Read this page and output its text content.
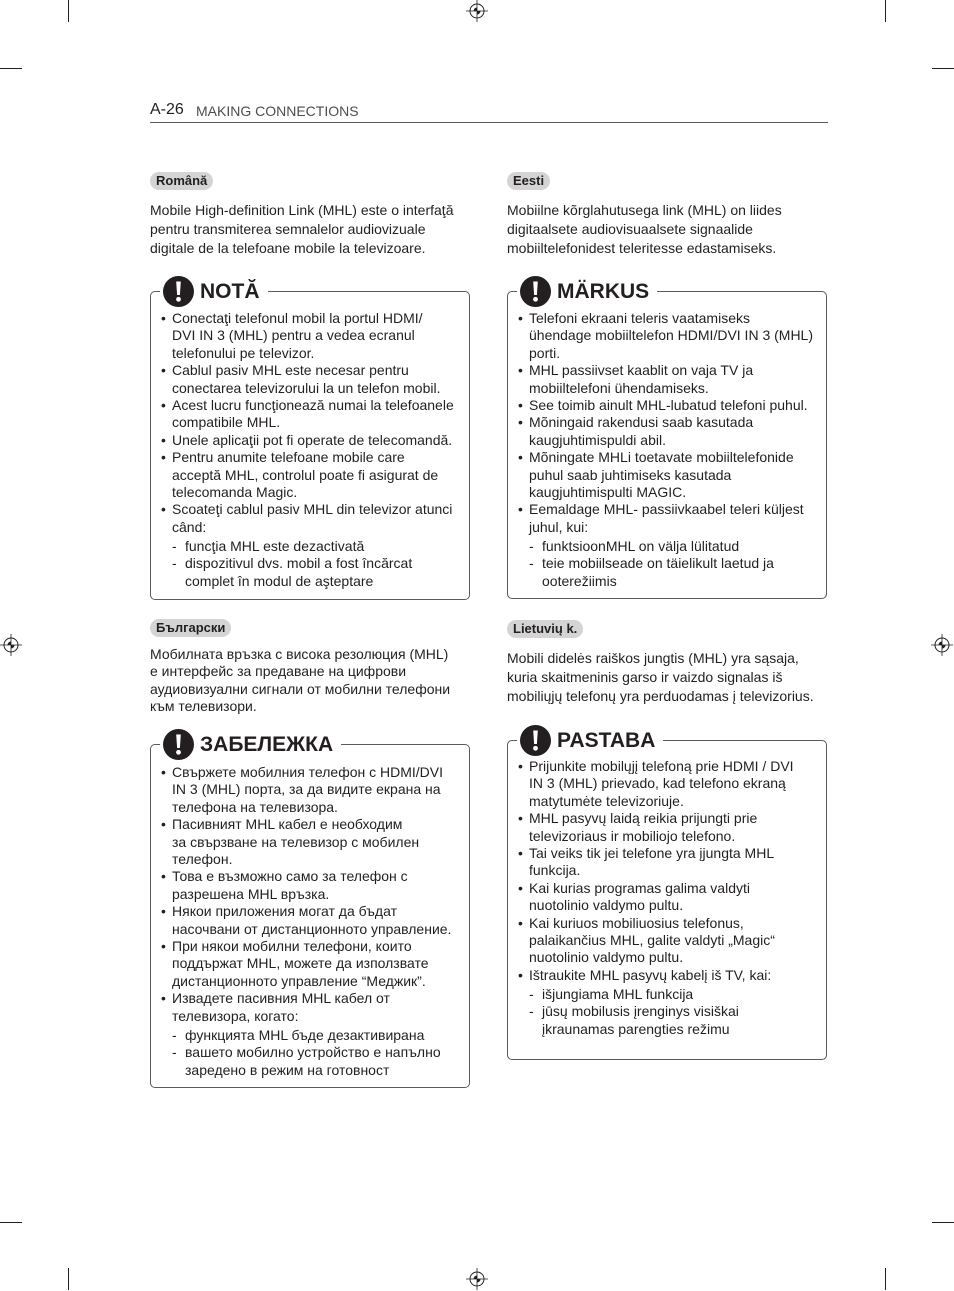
A-26 MAKING CONNECTIONS
Română
Mobile High-definition Link (MHL) este o interfaţă
pentru transmiterea semnalelor audiovizuale
digitale de la telefoane mobile la televizoare.
NOTĂ
• Conectaţi telefonul mobil la portul HDMI/
DVI IN 3 (MHL) pentru a vedea ecranul
telefonului pe televizor.
• Cablul pasiv MHL este necesar pentru
conectarea televizorului la un telefon mobil.
• Acest lucru funcţionează numai la telefoanele
compatibile MHL.
• Unele aplicaţii pot fi operate de telecomandă.
• Pentru anumite telefoane mobile care
acceptă MHL, controlul poate fi asigurat de
telecomanda Magic.
• Scoateţi cablul pasiv MHL din televizor atunci
când:
- funcţia MHL este dezactivată
- dispozitivul dvs. mobil a fost încărcat
complet în modul de aşteptare
Български
Мобилната връзка с висока резолюция (MHL)
е интерфейс за предаване на цифрови
аудиовизуални сигнали от мобилни телефони
към телевизори.
ЗАБЕЛЕЖКА
• Свържете мобилния телефон с HDMI/DVI
IN 3 (MHL) порта, за да видите екрана на
телефона на телевизора.
• Пасивният MHL кабел е необходим
за свързване на телевизор с мобилен
телефон.
• Това е възможно само за телефон с
разрешена MHL връзка.
• Някои приложения могат да бъдат
насочвани от дистанционното управление.
• При някои мобилни телефони, които
поддържат MHL, можете да използвате
дистанционното управление “Меджик”.
• Извадете пасивния MHL кабел от
телевизора, когато:
- функцията MHL бъде дезактивирана
- вашето мобилно устройство е напълно
заредено в режим на готовност
Eesti
Mobiilne kõrglahutusega link (MHL) on liides
digitaalsete audiovisuaalsete signaalide
mobiiltelefonidest teleritesse edastamiseks.
MÄRKUS
• Telefoni ekraani teleris vaatamiseks
ühendage mobiiltelefon HDMI/DVI IN 3 (MHL)
porti.
• MHL passiivset kaablit on vaja TV ja
mobiiltelefoni ühendamiseks.
• See toimib ainult MHL-lubatud telefoni puhul.
• Mõningaid rakendusi saab kasutada
kaugjuhtimispuldi abil.
• Mõningate MHLi toetavate mobiiltelefonide
puhul saab juhtimiseks kasutada
kaugjuhtimispulti MAGIC.
• Eemaldage MHL- passiivkaabel teleri küljest
juhul, kui:
- funktsioonMHL on välja lülitatud
- teie mobiilseade on täielikult laetud ja
ooterežiimis
Lietuvių k.
Mobili didelės raiškos jungtis (MHL) yra sąsaja,
kuria skaitmeninis garso ir vaizdo signalas iš
mobiliųjų telefonų yra perduodamas į televizorius.
PASTABA
• Prijunkite mobilųjį telefoną prie HDMI / DVI
IN 3 (MHL) prievado, kad telefono ekraną
matytumėte televizoriuje.
• MHL pasyvų laidą reikia prijungti prie
televizoriaus ir mobiliojo telefono.
• Tai veiks tik jei telefone yra įjungta MHL
funkcija.
• Kai kurias programas galima valdyti
nuotolinio valdymo pultu.
• Kai kuriuos mobiliuosius telefonus,
palaikančius MHL, galite valdyti „Magic“
nuotolinio valdymo pultu.
• Ištraukite MHL pasyvų kabelį iš TV, kai:
- išjungiama MHL funkcija
- jūsų mobilusis įrenginys visiškai
įkraunamas parengties režimu
